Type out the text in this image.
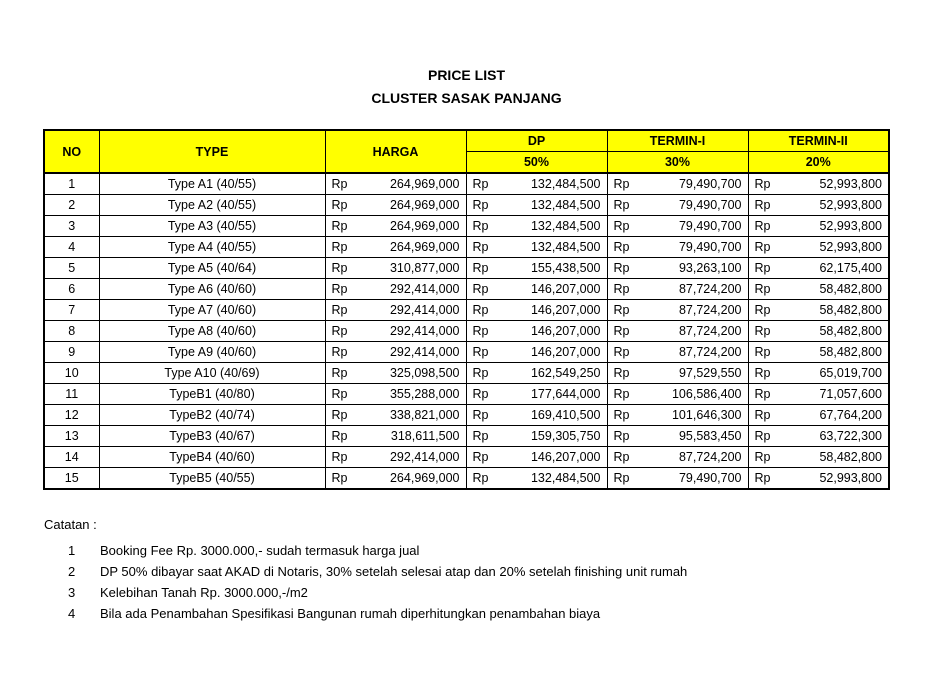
PRICE LIST
CLUSTER SASAK PANJANG
NO	TYPE	HARGA	DP	TERMIN-I	TERMIN-II
			50%	30%	20%
1	Type A1 (40/55)	Rp 264,969,000	Rp 132,484,500	Rp 79,490,700	Rp 52,993,800

2	Type A2 (40/55)	Rp 264,969,000	Rp 132,484,500	Rp 79,490,700	Rp 52,993,800

3	Type A3 (40/55)	Rp 264,969,000	Rp 132,484,500	Rp 79,490,700	Rp 52,993,800

4	Type A4 (40/55)	Rp 264,969,000	Rp 132,484,500	Rp 79,490,700	Rp 52,993,800

5	Type A5 (40/64)	Rp 310,877,000	Rp 155,438,500	Rp 93,263,100	Rp 62,175,400

6	Type A6 (40/60)	Rp 292,414,000	Rp 146,207,000	Rp 87,724,200	Rp 58,482,800

7	Type A7 (40/60)	Rp 292,414,000	Rp 146,207,000	Rp 87,724,200	Rp 58,482,800

8	Type A8 (40/60)	Rp 292,414,000	Rp 146,207,000	Rp 87,724,200	Rp 58,482,800

9	Type A9 (40/60)	Rp 292,414,000	Rp 146,207,000	Rp 87,724,200	Rp 58,482,800

10	Type A10 (40/69)	Rp 325,098,500	Rp 162,549,250	Rp 97,529,550	Rp 65,019,700

11	TypeB1 (40/80)	Rp 355,288,000	Rp 177,644,000	Rp 106,586,400	Rp 71,057,600

12	TypeB2 (40/74)	Rp 338,821,000	Rp 169,410,500	Rp 101,646,300	Rp 67,764,200

13	TypeB3 (40/67)	Rp 318,611,500	Rp 159,305,750	Rp 95,583,450	Rp 63,722,300

14	TypeB4 (40/60)	Rp 292,414,000	Rp 146,207,000	Rp 87,724,200	Rp 58,482,800

15	TypeB5 (40/55)	Rp 264,969,000	Rp 132,484,500	Rp 79,490,700	Rp 52,993,800
Catatan :
1	Booking Fee Rp. 3000.000,- sudah termasuk harga jual
2	DP 50% dibayar saat AKAD di Notaris, 30% setelah selesai atap dan 20% setelah finishing unit rumah
3	Kelebihan Tanah Rp. 3000.000,-/m2
4	Bila ada Penambahan Spesifikasi Bangunan rumah diperhitungkan penambahan biaya
